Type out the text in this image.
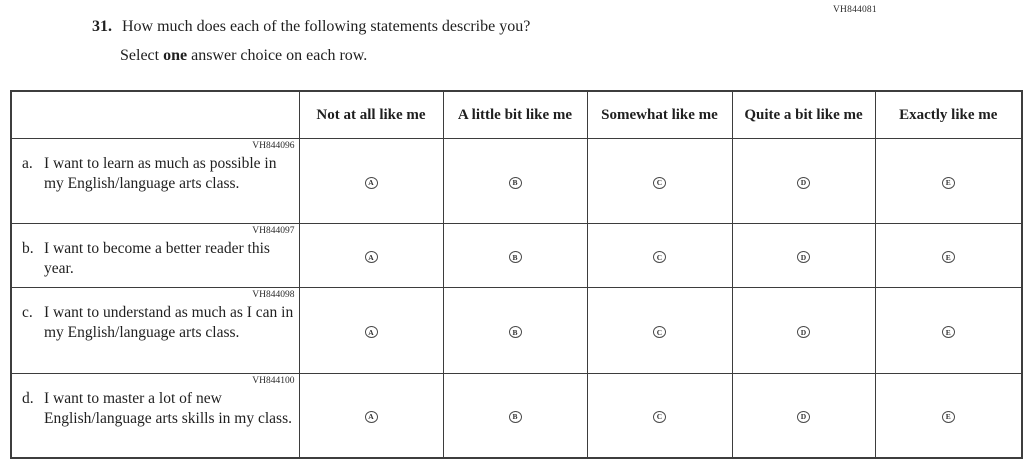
VH844081
31. How much does each of the following statements describe you?
Select one answer choice on each row.
	Not at all like me	A little bit like me	Somewhat like me	Quite a bit like me	Exactly like me

VH844096
a. I want to learn as much as possible in my English/language arts class.	A	B	C	D	E

VH844097
b. I want to become a better reader this year.	A	B	C	D	E

VH844098
c. I want to understand as much as I can in my English/language arts class.	A	B	C	D	E

VH844100
d. I want to master a lot of new English/language arts skills in my class.	A	B	C	D	E
